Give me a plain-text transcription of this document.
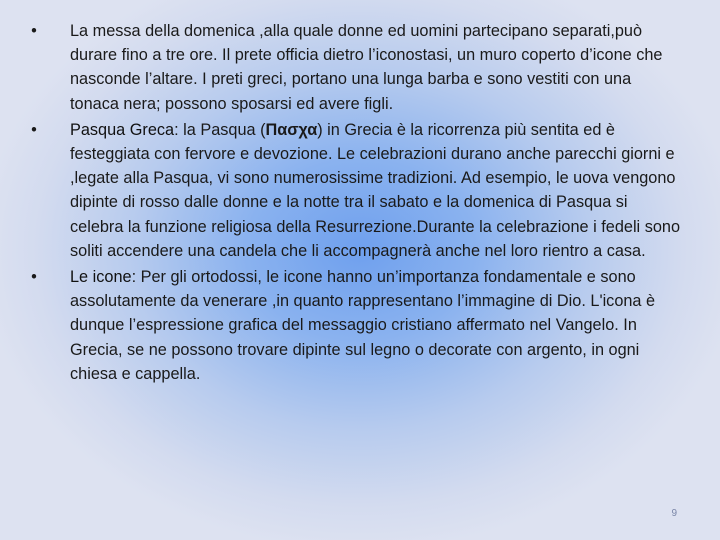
•	La messa della domenica ,alla quale donne ed uomini partecipano separati,può durare fino a tre ore. Il prete officia dietro l’iconostasi, un muro coperto d’icone che nasconde l’altare. I preti greci, portano una lunga barba e sono vestiti con una tonaca nera; possono sposarsi ed avere figli.
•	Pasqua Greca: la Pasqua (Πασχα) in Grecia è la ricorrenza più sentita ed è festeggiata con fervore e devozione. Le celebrazioni durano anche parecchi giorni e ,legate alla Pasqua, vi sono numerosissime tradizioni. Ad esempio, le uova vengono dipinte di rosso dalle donne e la notte tra il sabato e la domenica di Pasqua si celebra la funzione religiosa della Resurrezione.Durante la celebrazione i fedeli sono soliti accendere una candela che li accompagnerà anche nel loro rientro a casa.
•	Le icone: Per gli ortodossi, le icone hanno un’importanza fondamentale e sono assolutamente da venerare ,in quanto rappresentano l’immagine di Dio. L'icona è dunque l’espressione grafica del messaggio cristiano affermato nel Vangelo. In Grecia, se ne possono trovare dipinte sul legno o decorate con argento, in ogni chiesa e cappella.
9
